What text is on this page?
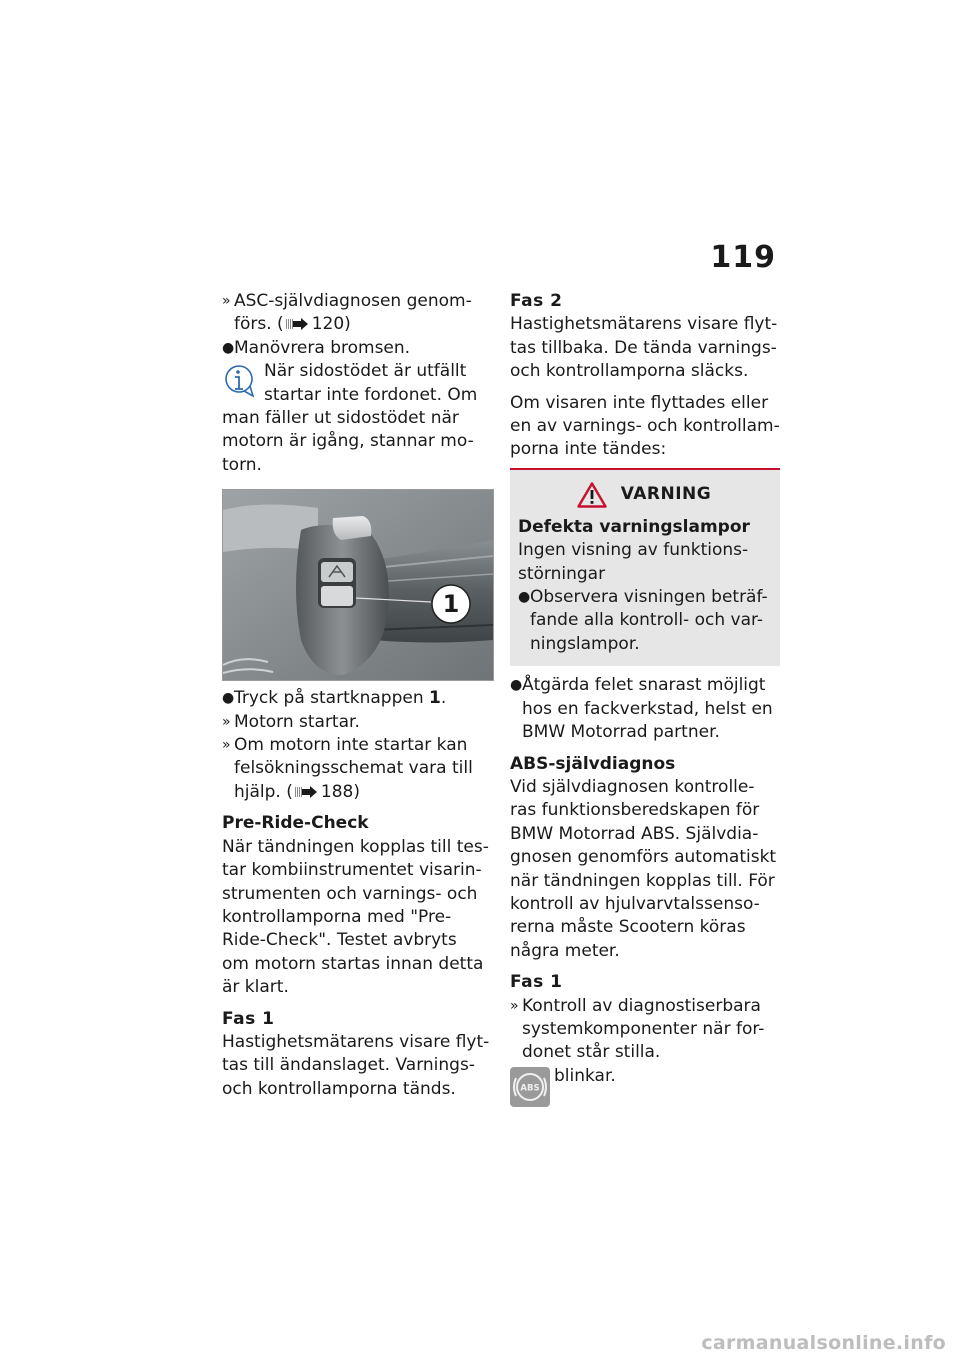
119
» ASC-självdiagnosen genom-
förs. ( 120)
● Manövrera bromsen.
När sidostödet är utfällt
startar inte fordonet. Om
man fäller ut sidostödet när
motorn är igång, stannar mo-
torn.
1
● Tryck på startknappen 1.
» Motorn startar.
» Om motorn inte startar kan
felsökningsschemat vara till
hjälp. ( 188)
Pre-Ride-Check
När tändningen kopplas till tes-
tar kombiinstrumentet visarin-
strumenten och varnings- och
kontrollamporna med "Pre-
Ride-Check". Testet avbryts
om motorn startas innan detta
är klart.
Fas 1
Hastighetsmätarens visare flyt-
tas till ändanslaget. Varnings-
och kontrollamporna tänds.
Fas 2
Hastighetsmätarens visare flyt-
tas tillbaka. De tända varnings-
och kontrollamporna släcks.
Om visaren inte flyttades eller
en av varnings- och kontrollam-
porna inte tändes:
VARNING
Defekta varningslampor
Ingen visning av funktions-
störningar
● Observera visningen beträf-
fande alla kontroll- och var-
ningslampor.
● Åtgärda felet snarast möjligt
hos en fackverkstad, helst en
BMW Motorrad partner.
ABS-självdiagnos
Vid självdiagnosen kontrolle-
ras funktionsberedskapen för
BMW Motorrad ABS. Självdia-
gnosen genomförs automatiskt
när tändningen kopplas till. För
kontroll av hjulvarvtalssenso-
rerna måste Scootern köras
några meter.
Fas 1
» Kontroll av diagnostiserbara
systemkomponenter när for-
donet står stilla.
ABS
blinkar.
carmanualsonline.info
